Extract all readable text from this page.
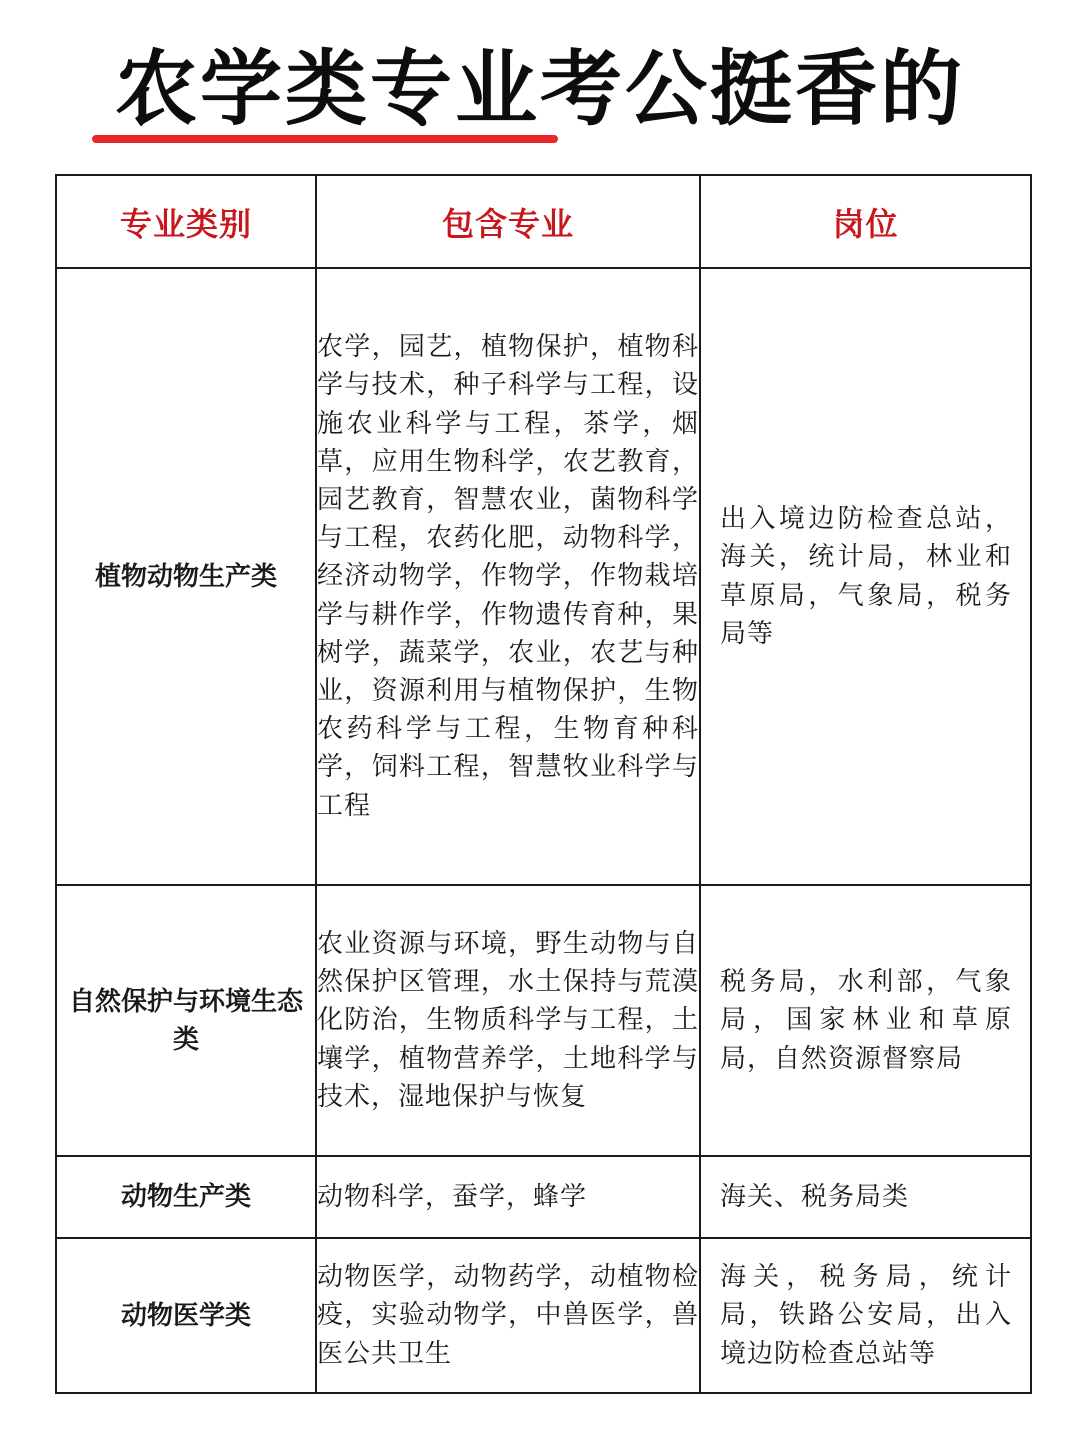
农学类专业考公挺香的
专业类别	包含专业	岗位
植物动物生产类	农学，园艺，植物保护，植物科学与技术，种子科学与工程，设施农业科学与工程，茶学，烟草，应用生物科学，农艺教育，园艺教育，智慧农业，菌物科学与工程，农药化肥，动物科学，经济动物学，作物学，作物栽培学与耕作学，作物遗传育种，果树学，蔬菜学，农业，农艺与种业，资源利用与植物保护，生物农药科学与工程，生物育种科学，饲料工程，智慧牧业科学与工程	出入境边防检查总站，海关，统计局，林业和草原局，气象局，税务局等
自然保护与环境生态类	农业资源与环境，野生动物与自然保护区管理，水土保持与荒漠化防治，生物质科学与工程，土壤学，植物营养学，土地科学与技术，湿地保护与恢复	税务局，水利部，气象局，国家林业和草原局，自然资源督察局
动物生产类	动物科学，蚕学，蜂学	海关、税务局类
动物医学类	动物医学，动物药学，动植物检疫，实验动物学，中兽医学，兽医公共卫生	海关，税务局，统计局，铁路公安局，出入境边防检查总站等
